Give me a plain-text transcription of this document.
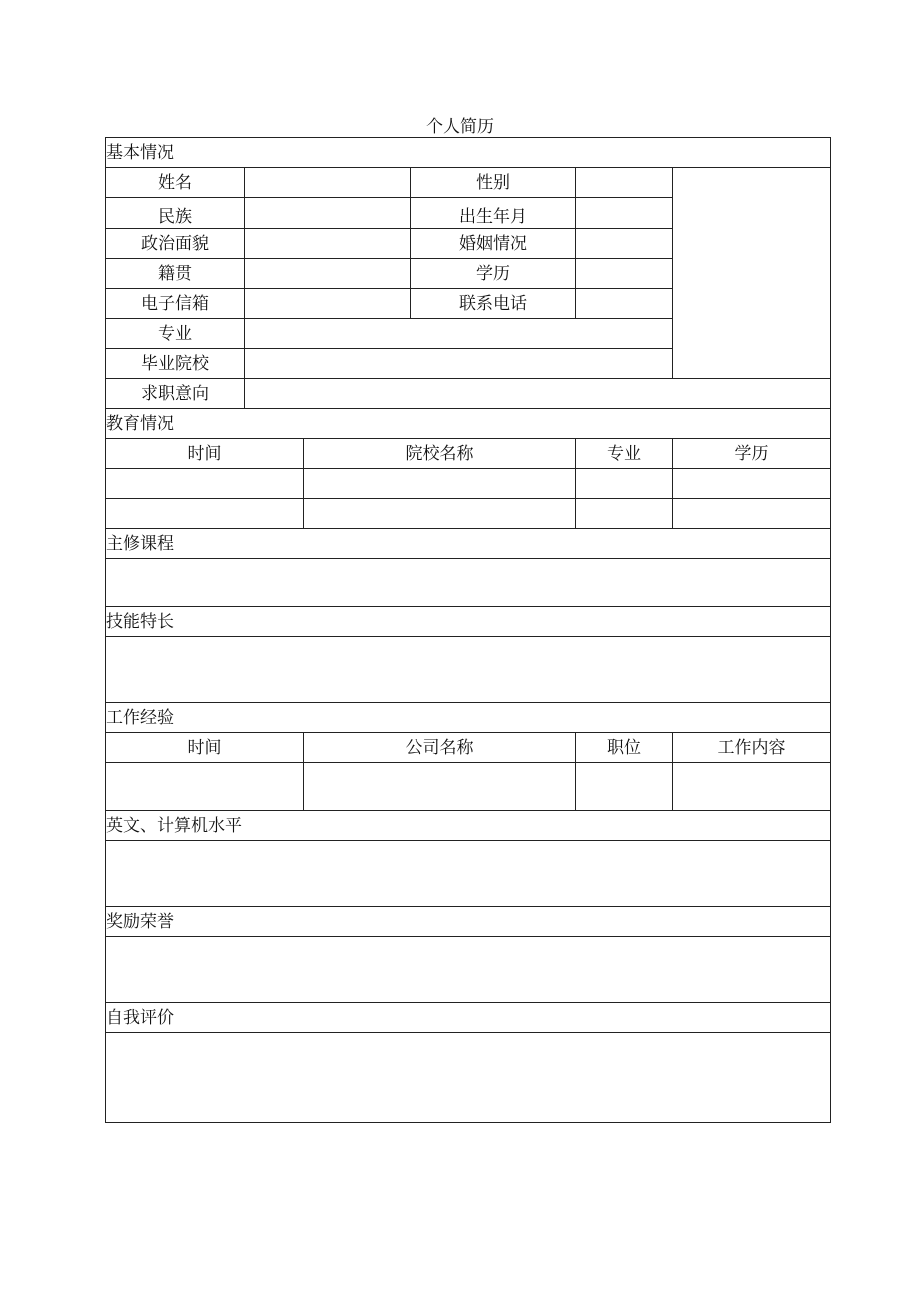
个人简历
基本情况					
姓名			性别		
民族			出生年月		
政治面貌			婚姻情况		
籍贯			学历		
电子信箱			联系电话		
专业					
毕业院校					
求职意向					
教育情况					
时间		院校名称		专业	学历

主修课程					

技能特长					

工作经验					
时间		公司名称		职位	工作内容

英文、计算机水平					

奖励荣誉					

自我评价					
